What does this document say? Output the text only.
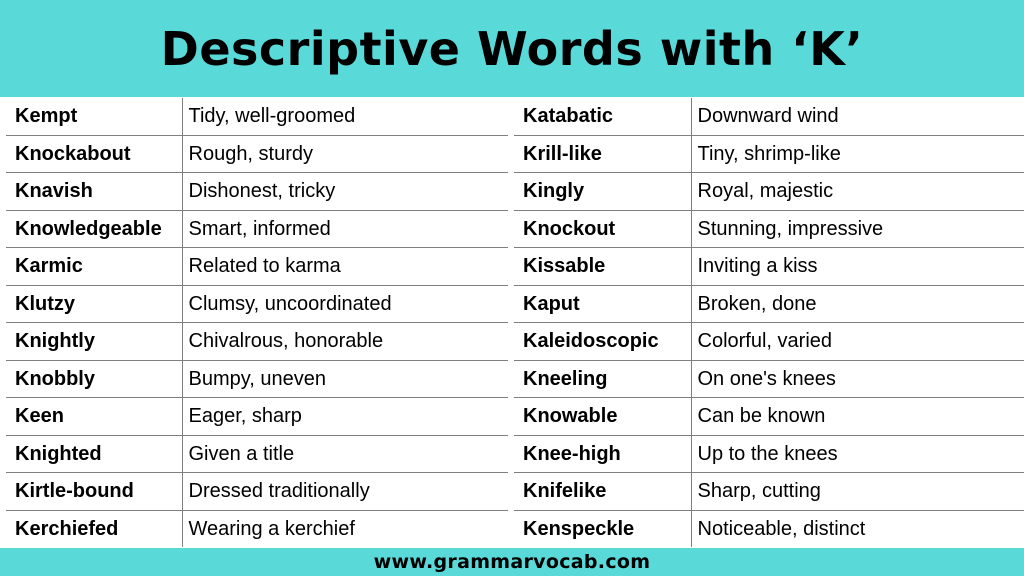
Descriptive Words with ‘K’
Kempt	Tidy, well-groomed
Knockabout	Rough, sturdy
Knavish	Dishonest, tricky
Knowledgeable	Smart, informed
Karmic	Related to karma
Klutzy	Clumsy, uncoordinated
Knightly	Chivalrous, honorable
Knobbly	Bumpy, uneven
Keen	Eager, sharp
Knighted	Given a title
Kirtle-bound	Dressed traditionally
Kerchiefed	Wearing a kerchief
Katabatic	Downward wind
Krill-like	Tiny, shrimp-like
Kingly	Royal, majestic
Knockout	Stunning, impressive
Kissable	Inviting a kiss
Kaput	Broken, done
Kaleidoscopic	Colorful, varied
Kneeling	On one's knees
Knowable	Can be known
Knee-high	Up to the knees
Knifelike	Sharp, cutting
Kenspeckle	Noticeable, distinct
www.grammarvocab.com
